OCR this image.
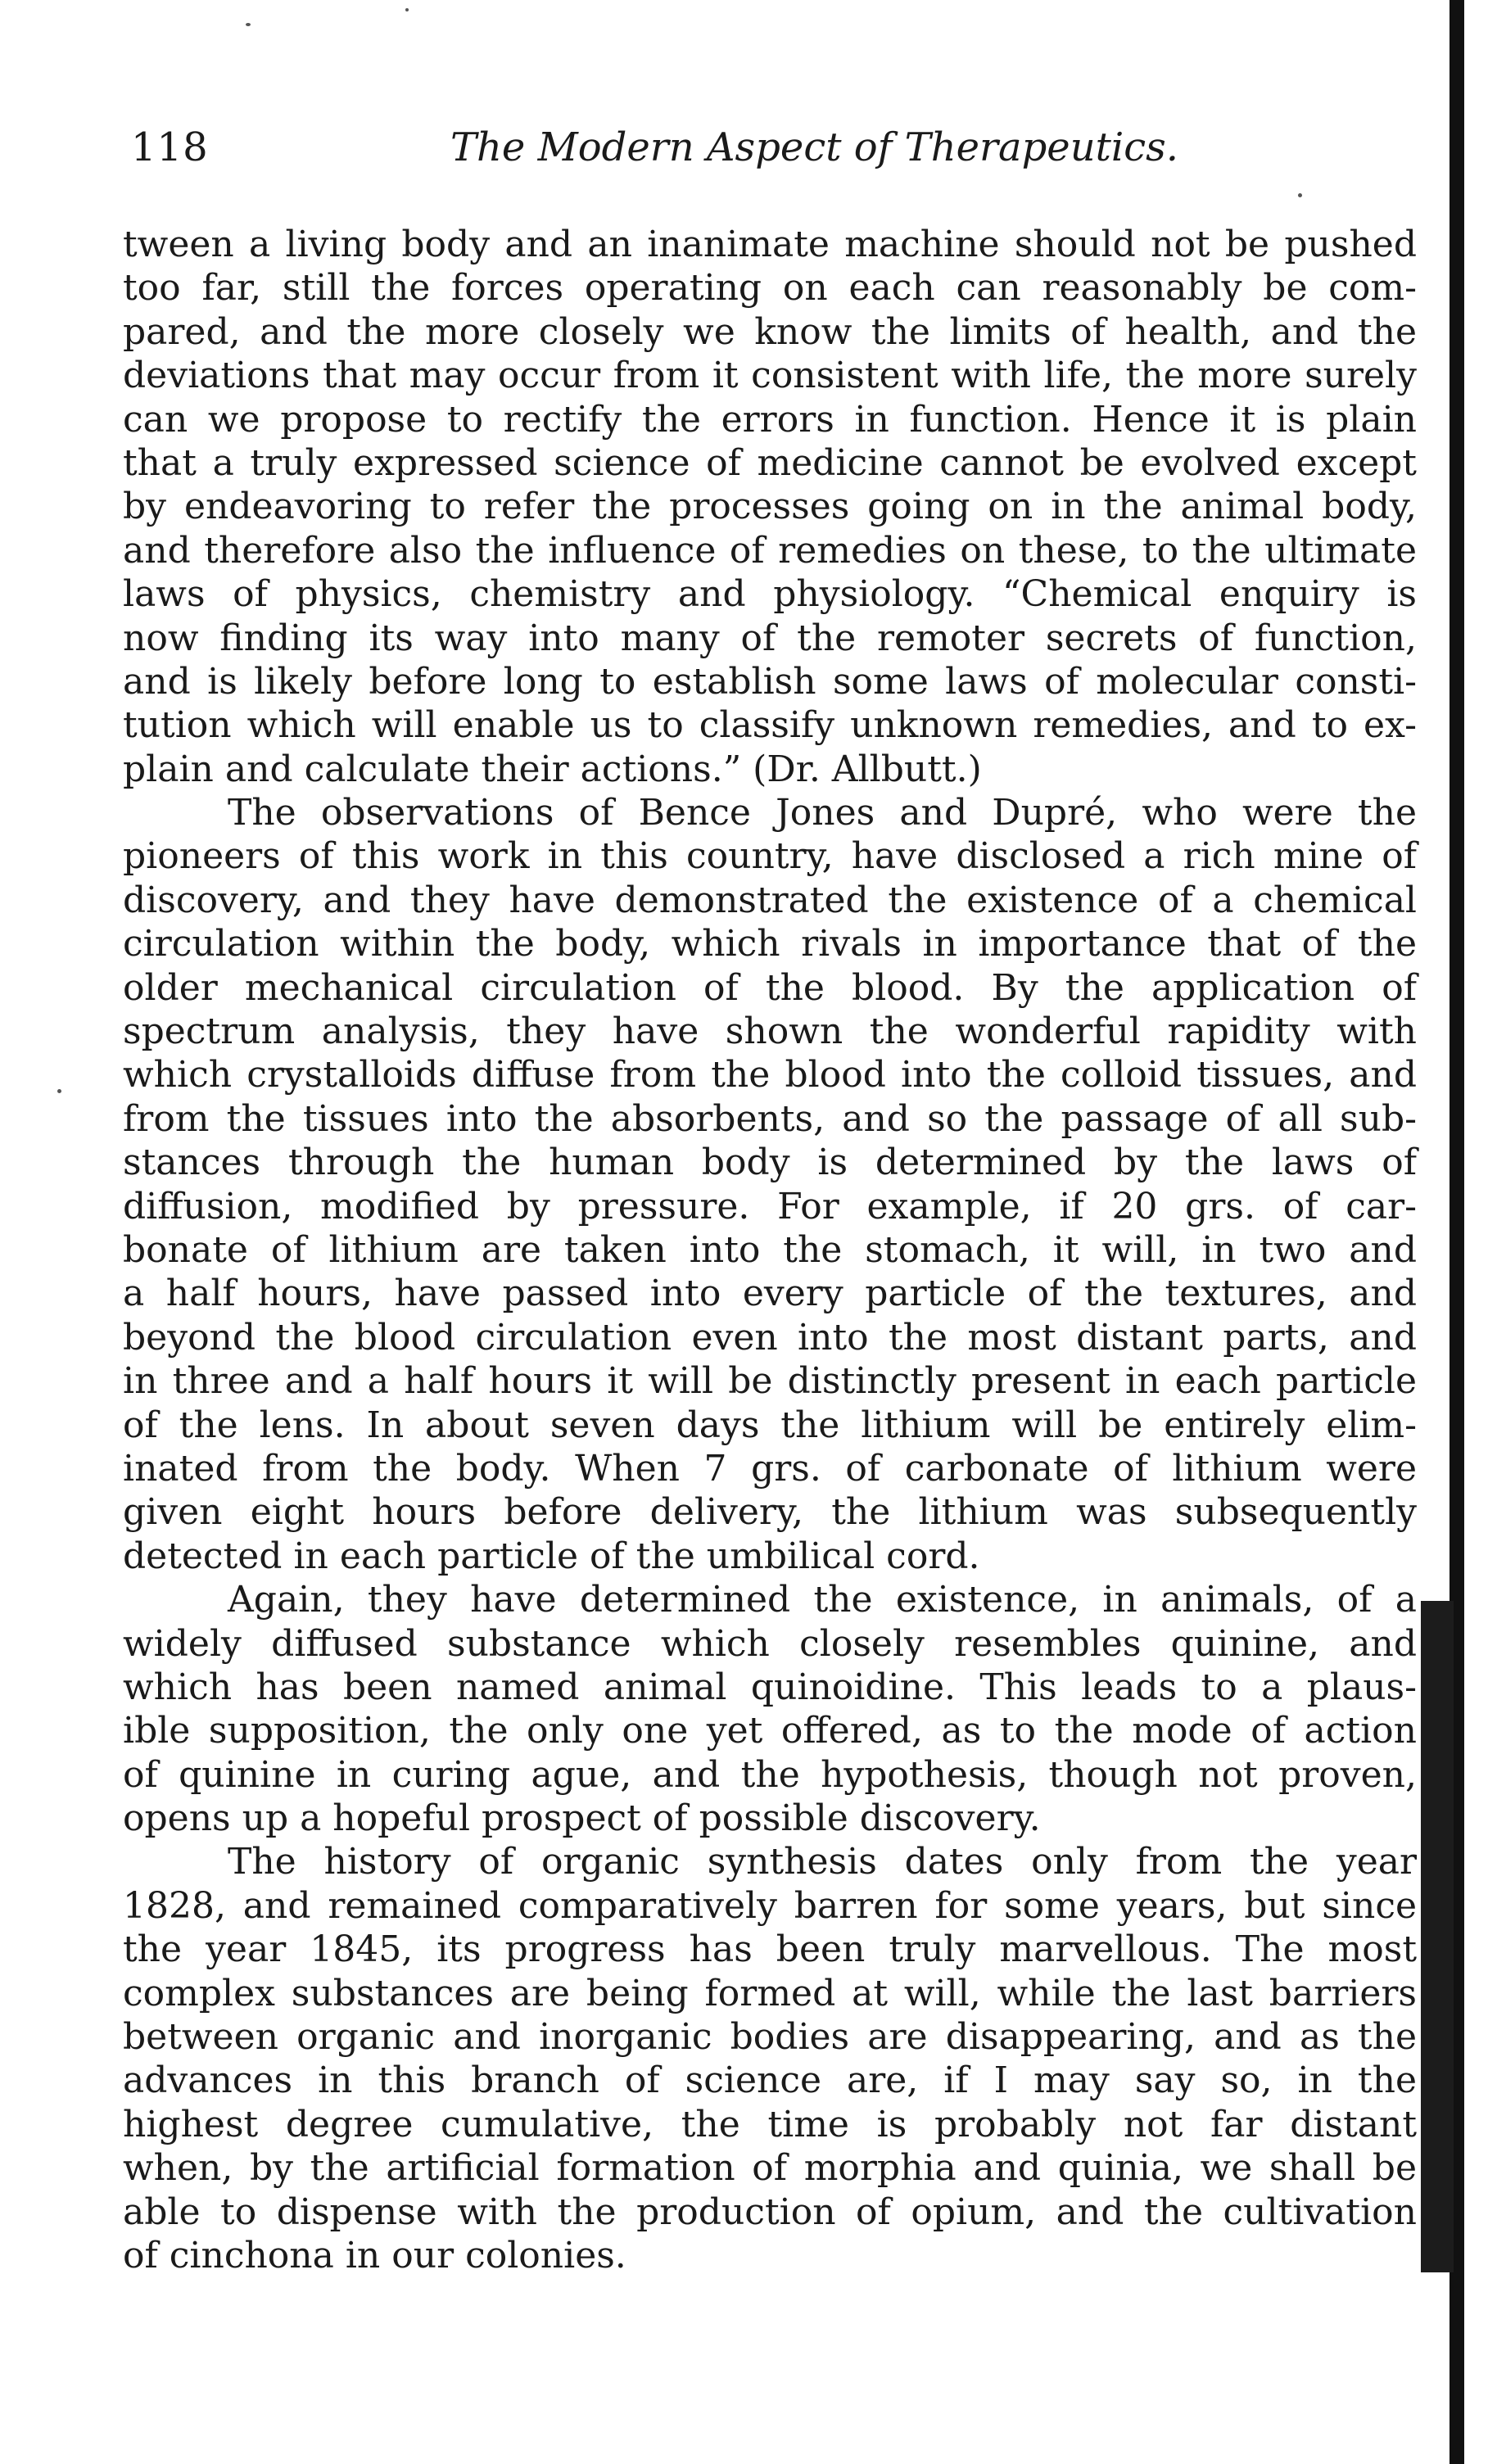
118	The Modern Aspect of Therapeutics.
tween a living body and an inanimate machine should not be pushed
too far, still the forces operating on each can reasonably be com-
pared, and the more closely we know the limits of health, and the
deviations that may occur from it consistent with life, the more surely
can we propose to rectify the errors in function. Hence it is plain
that a truly expressed science of medicine cannot be evolved except
by endeavoring to refer the processes going on in the animal body,
and therefore also the influence of remedies on these, to the ultimate
laws of physics, chemistry and physiology. “Chemical enquiry is
now finding its way into many of the remoter secrets of function,
and is likely before long to establish some laws of molecular consti-
tution which will enable us to classify unknown remedies, and to ex-
plain and calculate their actions.” (Dr. Allbutt.)
The observations of Bence Jones and Dupré, who were the
pioneers of this work in this country, have disclosed a rich mine of
discovery, and they have demonstrated the existence of a chemical
circulation within the body, which rivals in importance that of the
older mechanical circulation of the blood. By the application of
spectrum analysis, they have shown the wonderful rapidity with
which crystalloids diffuse from the blood into the colloid tissues, and
from the tissues into the absorbents, and so the passage of all sub-
stances through the human body is determined by the laws of
diffusion, modified by pressure. For example, if 20 grs. of car-
bonate of lithium are taken into the stomach, it will, in two and
a half hours, have passed into every particle of the textures, and
beyond the blood circulation even into the most distant parts, and
in three and a half hours it will be distinctly present in each particle
of the lens. In about seven days the lithium will be entirely elim-
inated from the body. When 7 grs. of carbonate of lithium were
given eight hours before delivery, the lithium was subsequently
detected in each particle of the umbilical cord.
Again, they have determined the existence, in animals, of a
widely diffused substance which closely resembles quinine, and
which has been named animal quinoidine. This leads to a plaus-
ible supposition, the only one yet offered, as to the mode of action
of quinine in curing ague, and the hypothesis, though not proven,
opens up a hopeful prospect of possible discovery.
The history of organic synthesis dates only from the year
1828, and remained comparatively barren for some years, but since
the year 1845, its progress has been truly marvellous. The most
complex substances are being formed at will, while the last barriers
between organic and inorganic bodies are disappearing, and as the
advances in this branch of science are, if I may say so, in the
highest degree cumulative, the time is probably not far distant
when, by the artificial formation of morphia and quinia, we shall be
able to dispense with the production of opium, and the cultivation
of cinchona in our colonies.
